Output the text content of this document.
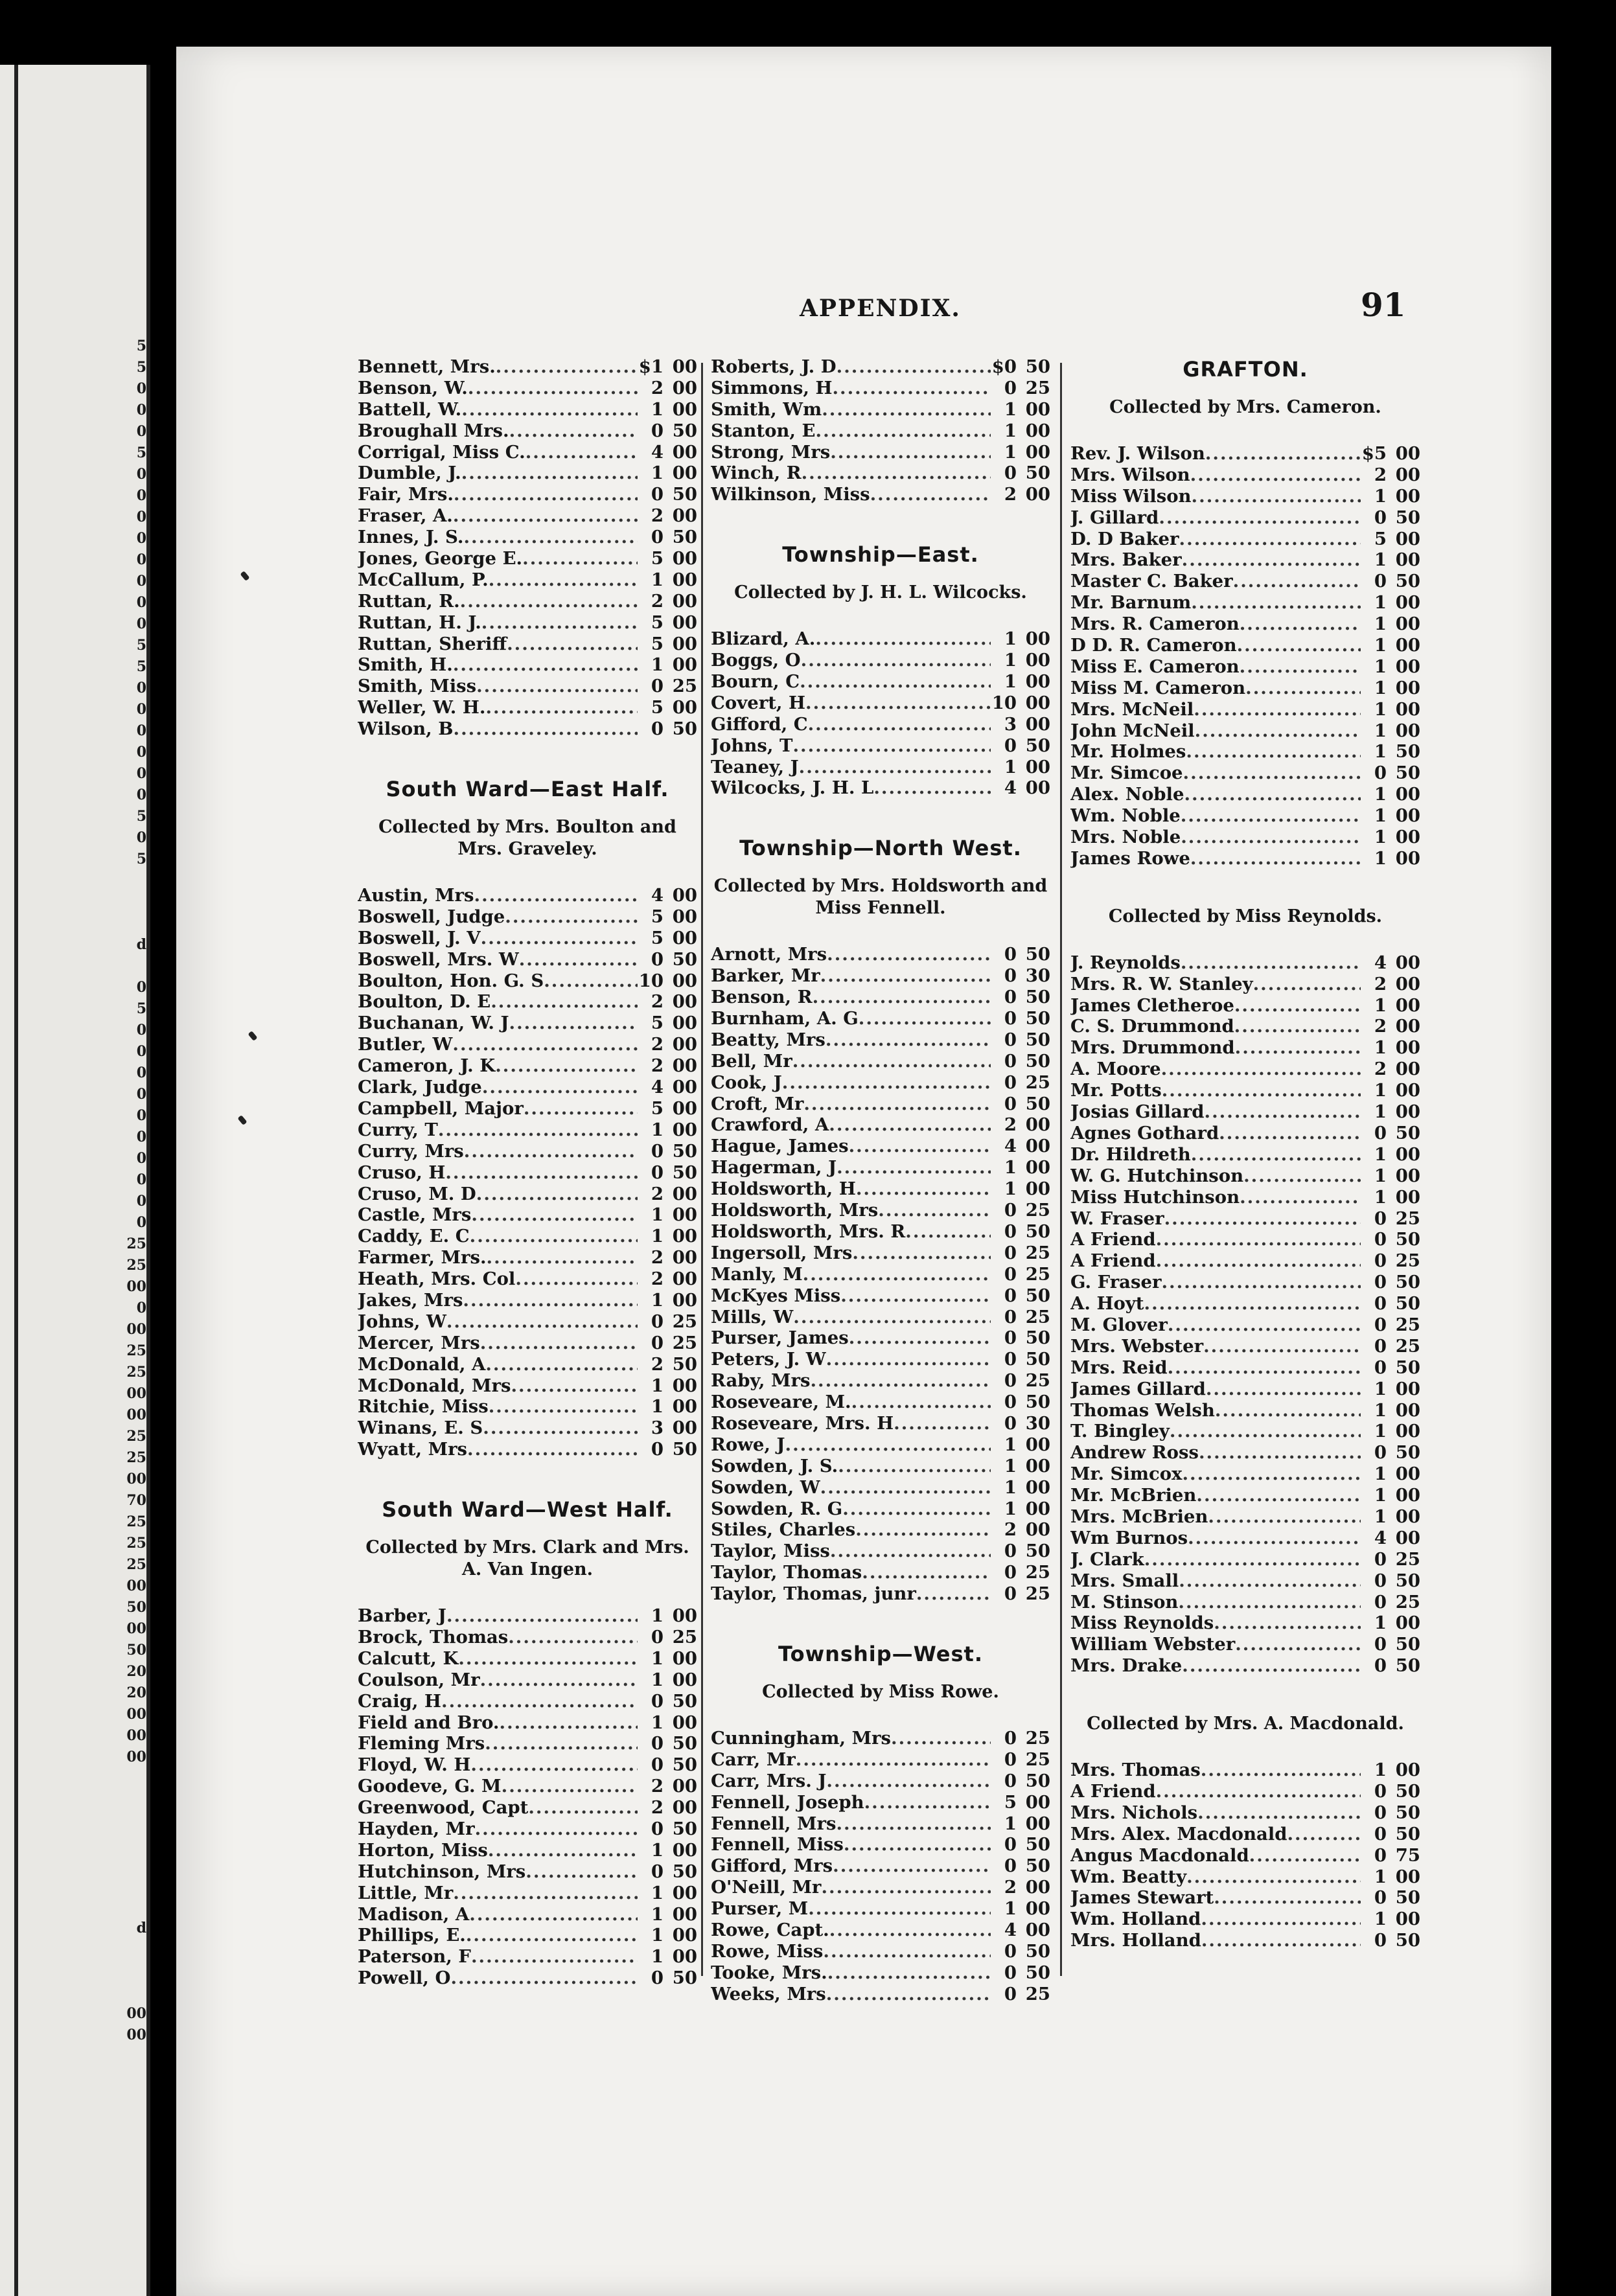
5
5
0
0
0
5
0
0
0
0
0
0
0
0
5
5
0
0
0
0
0
0
5
0
5
d
0
5
0
0
0
0
0
0
0
0
0
0
25
25
00
0
00
25
25
00
00
25
25
00
70
25
25
25
00
50
00
50
20
20
00
00
00
d
00
00
APPENDIX.	91
Bennett, Mrs. .....	$1 00
Benson, W. .....	2 00
Battell, W. .....	1 00
Broughall Mrs. .....	0 50
Corrigal, Miss C. .....	4 00
Dumble, J. .....	1 00
Fair, Mrs. .....	0 50
Fraser, A. .....	2 00
Innes, J. S. .....	0 50
Jones, George E. .....	5 00
McCallum, P. .....	1 00
Ruttan, R. .....	2 00
Ruttan, H. J. .....	5 00
Ruttan, Sheriff .....	5 00
Smith, H. .....	1 00
Smith, Miss .....	0 25
Weller, W. H. .....	5 00
Wilson, B .....	0 50
South Ward—East Half.
Collected by Mrs. Boulton and Mrs. Graveley.
Austin, Mrs .....	4 00
Boswell, Judge .....	5 00
Boswell, J. V .....	5 00
Boswell, Mrs. W .....	0 50
Boulton, Hon. G. S .....	10 00
Boulton, D. E .....	2 00
Buchanan, W. J .....	5 00
Butler, W .....	2 00
Cameron, J. K .....	2 00
Clark, Judge .....	4 00
Campbell, Major .....	5 00
Curry, T .....	1 00
Curry, Mrs .....	0 50
Cruso, H .....	0 50
Cruso, M. D .....	2 00
Castle, Mrs .....	1 00
Caddy, E. C .....	1 00
Farmer, Mrs. .....	2 00
Heath, Mrs. Col .....	2 00
Jakes, Mrs .....	1 00
Johns, W .....	0 25
Mercer, Mrs .....	0 25
McDonald, A .....	2 50
McDonald, Mrs .....	1 00
Ritchie, Miss .....	1 00
Winans, E. S .....	3 00
Wyatt, Mrs .....	0 50
South Ward—West Half.
Collected by Mrs. Clark and Mrs. A. Van Ingen.
Barber, J .....	1 00
Brock, Thomas .....	0 25
Calcutt, K .....	1 00
Coulson, Mr .....	1 00
Craig, H .....	0 50
Field and Bro. .....	1 00
Fleming Mrs .....	0 50
Floyd, W. H .....	0 50
Goodeve, G. M .....	2 00
Greenwood, Capt .....	2 00
Hayden, Mr .....	0 50
Horton, Miss .....	1 00
Hutchinson, Mrs .....	0 50
Little, Mr .....	1 00
Madison, A .....	1 00
Phillips, E. .....	1 00
Paterson, F .....	1 00
Powell, O .....	0 50
Roberts, J. D .....	$0 50
Simmons, H .....	0 25
Smith, Wm .....	1 00
Stanton, E .....	1 00
Strong, Mrs .....	1 00
Winch, R .....	0 50
Wilkinson, Miss .....	2 00
Township—East.
Collected by J. H. L. Wilcocks.
Blizard, A. .....	1 00
Boggs, O .....	1 00
Bourn, C .....	1 00
Covert, H .....	10 00
Gifford, C .....	3 00
Johns, T .....	0 50
Teaney, J .....	1 00
Wilcocks, J. H. L .....	4 00
Township—North West.
Collected by Mrs. Holdsworth and Miss Fennell.
Arnott, Mrs .....	0 50
Barker, Mr .....	0 30
Benson, R .....	0 50
Burnham, A. G .....	0 50
Beatty, Mrs .....	0 50
Bell, Mr .....	0 50
Cook, J .....	0 25
Croft, Mr .....	0 50
Crawford, A .....	2 00
Hague, James .....	4 00
Hagerman, J .....	1 00
Holdsworth, H .....	1 00
Holdsworth, Mrs .....	0 25
Holdsworth, Mrs. R .....	0 50
Ingersoll, Mrs .....	0 25
Manly, M .....	0 25
McKyes Miss .....	0 50
Mills, W .....	0 25
Purser, James .....	0 50
Peters, J. W .....	0 50
Raby, Mrs .....	0 25
Roseveare, M. .....	0 50
Roseveare, Mrs. H .....	0 30
Rowe, J .....	1 00
Sowden, J. S. .....	1 00
Sowden, W .....	1 00
Sowden, R. G .....	1 00
Stiles, Charles .....	2 00
Taylor, Miss .....	0 50
Taylor, Thomas .....	0 25
Taylor, Thomas, junr .....	0 25
Township—West.
Collected by Miss Rowe.
Cunningham, Mrs .....	0 25
Carr, Mr .....	0 25
Carr, Mrs. J .....	0 50
Fennell, Joseph .....	5 00
Fennell, Mrs .....	1 00
Fennell, Miss .....	0 50
Gifford, Mrs .....	0 50
O'Neill, Mr .....	2 00
Purser, M .....	1 00
Rowe, Capt. .....	4 00
Rowe, Miss .....	0 50
Tooke, Mrs. .....	0 50
Weeks, Mrs .....	0 25
GRAFTON.
Collected by Mrs. Cameron.
Rev. J. Wilson .....	$5 00
Mrs. Wilson .....	2 00
Miss Wilson .....	1 00
J. Gillard .....	0 50
D. D Baker .....	5 00
Mrs. Baker .....	1 00
Master C. Baker .....	0 50
Mr. Barnum .....	1 00
Mrs. R. Cameron .....	1 00
D D. R. Cameron .....	1 00
Miss E. Cameron .....	1 00
Miss M. Cameron .....	1 00
Mrs. McNeil .....	1 00
John McNeil .....	1 00
Mr. Holmes .....	1 50
Mr. Simcoe .....	0 50
Alex. Noble .....	1 00
Wm. Noble .....	1 00
Mrs. Noble .....	1 00
James Rowe .....	1 00
Collected by Miss Reynolds.
J. Reynolds .....	4 00
Mrs. R. W. Stanley .....	2 00
James Cletheroe .....	1 00
C. S. Drummond .....	2 00
Mrs. Drummond .....	1 00
A. Moore .....	2 00
Mr. Potts .....	1 00
Josias Gillard .....	1 00
Agnes Gothard .....	0 50
Dr. Hildreth .....	1 00
W. G. Hutchinson .....	1 00
Miss Hutchinson .....	1 00
W. Fraser .....	0 25
A Friend .....	0 50
A Friend .....	0 25
G. Fraser .....	0 50
A. Hoyt .....	0 50
M. Glover .....	0 25
Mrs. Webster .....	0 25
Mrs. Reid .....	0 50
James Gillard .....	1 00
Thomas Welsh .....	1 00
T. Bingley .....	1 00
Andrew Ross .....	0 50
Mr. Simcox .....	1 00
Mr. McBrien .....	1 00
Mrs. McBrien .....	1 00
Wm Burnos .....	4 00
J. Clark .....	0 25
Mrs. Small .....	0 50
M. Stinson .....	0 25
Miss Reynolds .....	1 00
William Webster .....	0 50
Mrs. Drake .....	0 50
Collected by Mrs. A. Macdonald.
Mrs. Thomas .....	1 00
A Friend .....	0 50
Mrs. Nichols .....	0 50
Mrs. Alex. Macdonald .....	0 50
Angus Macdonald .....	0 75
Wm. Beatty .....	1 00
James Stewart .....	0 50
Wm. Holland .....	1 00
Mrs. Holland .....	0 50
